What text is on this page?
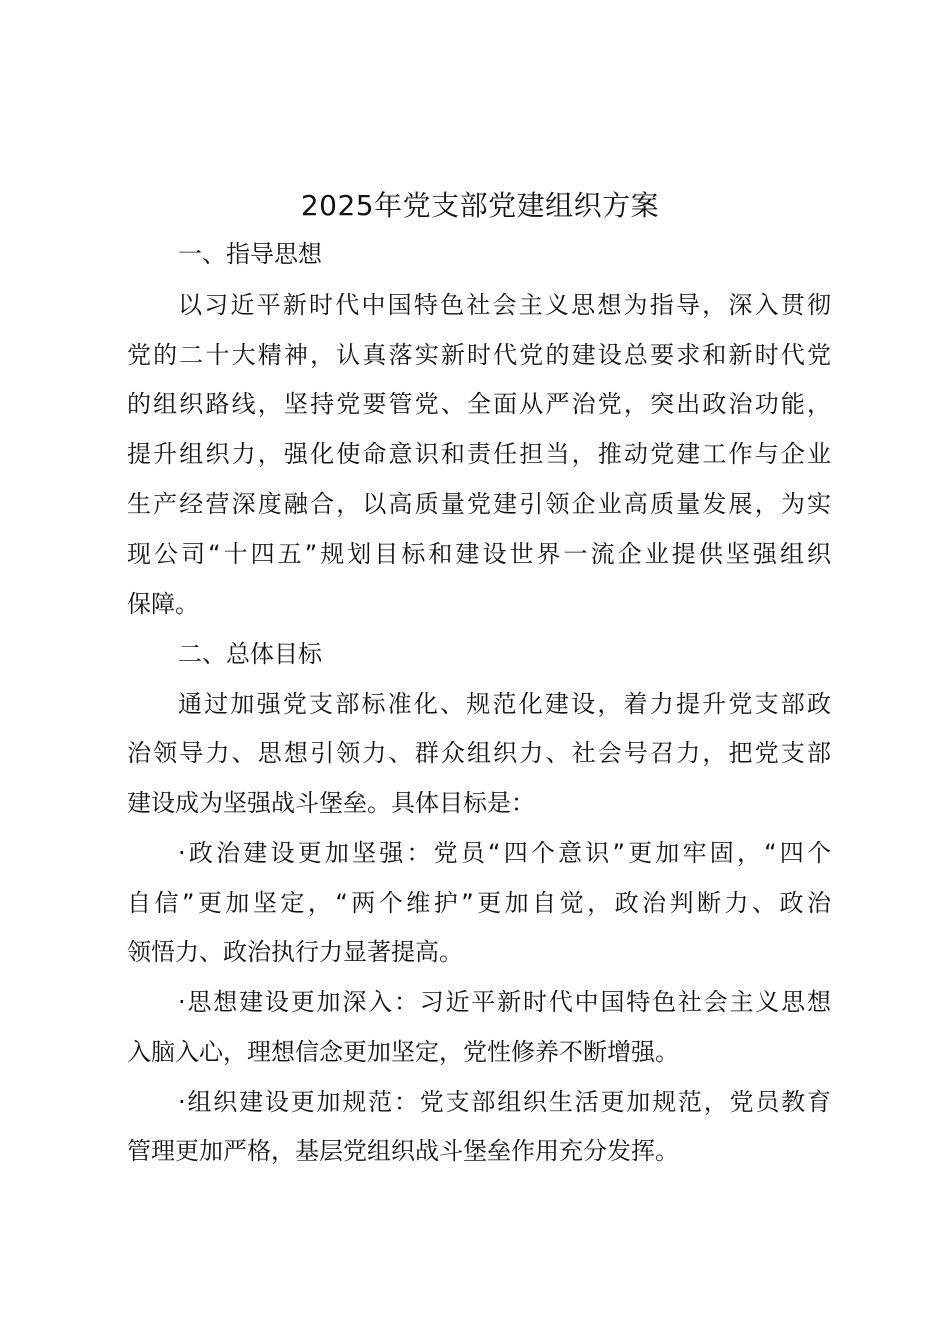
2025年党支部党建组织方案
一、指导思想
以习近平新时代中国特色社会主义思想为指导，深入贯彻
党的二十大精神，认真落实新时代党的建设总要求和新时代党
的组织路线，坚持党要管党、全面从严治党，突出政治功能，
提升组织力，强化使命意识和责任担当，推动党建工作与企业
生产经营深度融合，以高质量党建引领企业高质量发展，为实
现公司“十四五”规划目标和建设世界一流企业提供坚强组织
保障。
二、总体目标
通过加强党支部标准化、规范化建设，着力提升党支部政
治领导力、思想引领力、群众组织力、社会号召力，把党支部
建设成为坚强战斗堡垒。具体目标是：
·政治建设更加坚强：党员“四个意识”更加牢固，“四个
自信”更加坚定，“两个维护”更加自觉，政治判断力、政治
领悟力、政治执行力显著提高。
·思想建设更加深入：习近平新时代中国特色社会主义思想
入脑入心，理想信念更加坚定，党性修养不断增强。
·组织建设更加规范：党支部组织生活更加规范，党员教育
管理更加严格，基层党组织战斗堡垒作用充分发挥。
